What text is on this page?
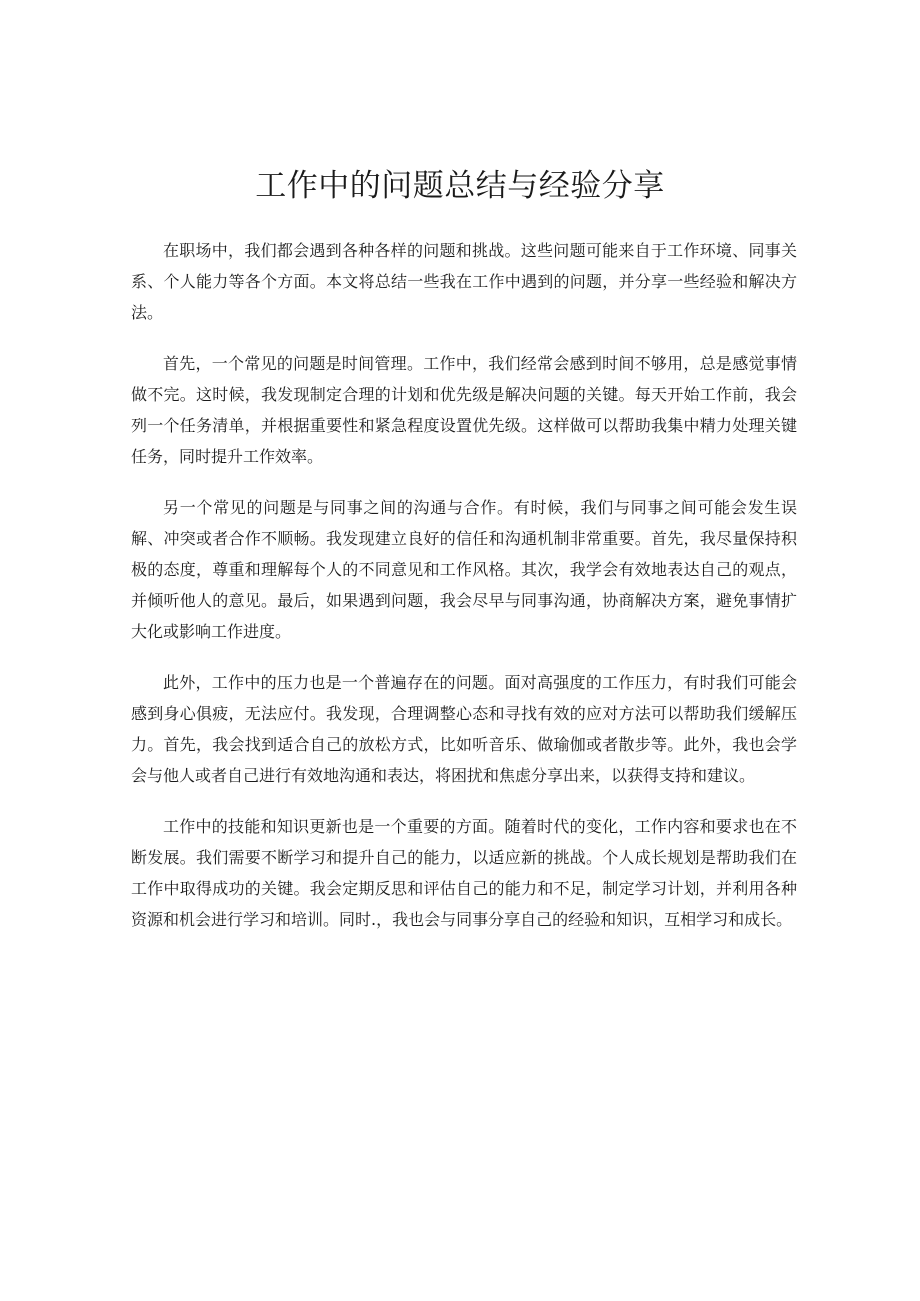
工作中的问题总结与经验分享

在职场中，我们都会遇到各种各样的问题和挑战。这些问题可能来自于工作环境、同事关系、个人能力等各个方面。本文将总结一些我在工作中遇到的问题，并分享一些经验和解决方法。

首先，一个常见的问题是时间管理。工作中，我们经常会感到时间不够用，总是感觉事情做不完。这时候，我发现制定合理的计划和优先级是解决问题的关键。每天开始工作前，我会列一个任务清单，并根据重要性和紧急程度设置优先级。这样做可以帮助我集中精力处理关键任务，同时提升工作效率。

另一个常见的问题是与同事之间的沟通与合作。有时候，我们与同事之间可能会发生误解、冲突或者合作不顺畅。我发现建立良好的信任和沟通机制非常重要。首先，我尽量保持积极的态度，尊重和理解每个人的不同意见和工作风格。其次，我学会有效地表达自己的观点，并倾听他人的意见。最后，如果遇到问题，我会尽早与同事沟通，协商解决方案，避免事情扩大化或影响工作进度。

此外，工作中的压力也是一个普遍存在的问题。面对高强度的工作压力，有时我们可能会感到身心俱疲，无法应付。我发现，合理调整心态和寻找有效的应对方法可以帮助我们缓解压力。首先，我会找到适合自己的放松方式，比如听音乐、做瑜伽或者散步等。此外，我也会学会与他人或者自己进行有效地沟通和表达，将困扰和焦虑分享出来，以获得支持和建议。

工作中的技能和知识更新也是一个重要的方面。随着时代的变化，工作内容和要求也在不断发展。我们需要不断学习和提升自己的能力，以适应新的挑战。个人成长规划是帮助我们在工作中取得成功的关键。我会定期反思和评估自己的能力和不足，制定学习计划，并利用各种资源和机会进行学习和培训。同时.，我也会与同事分享自己的经验和知识，互相学习和成长。
